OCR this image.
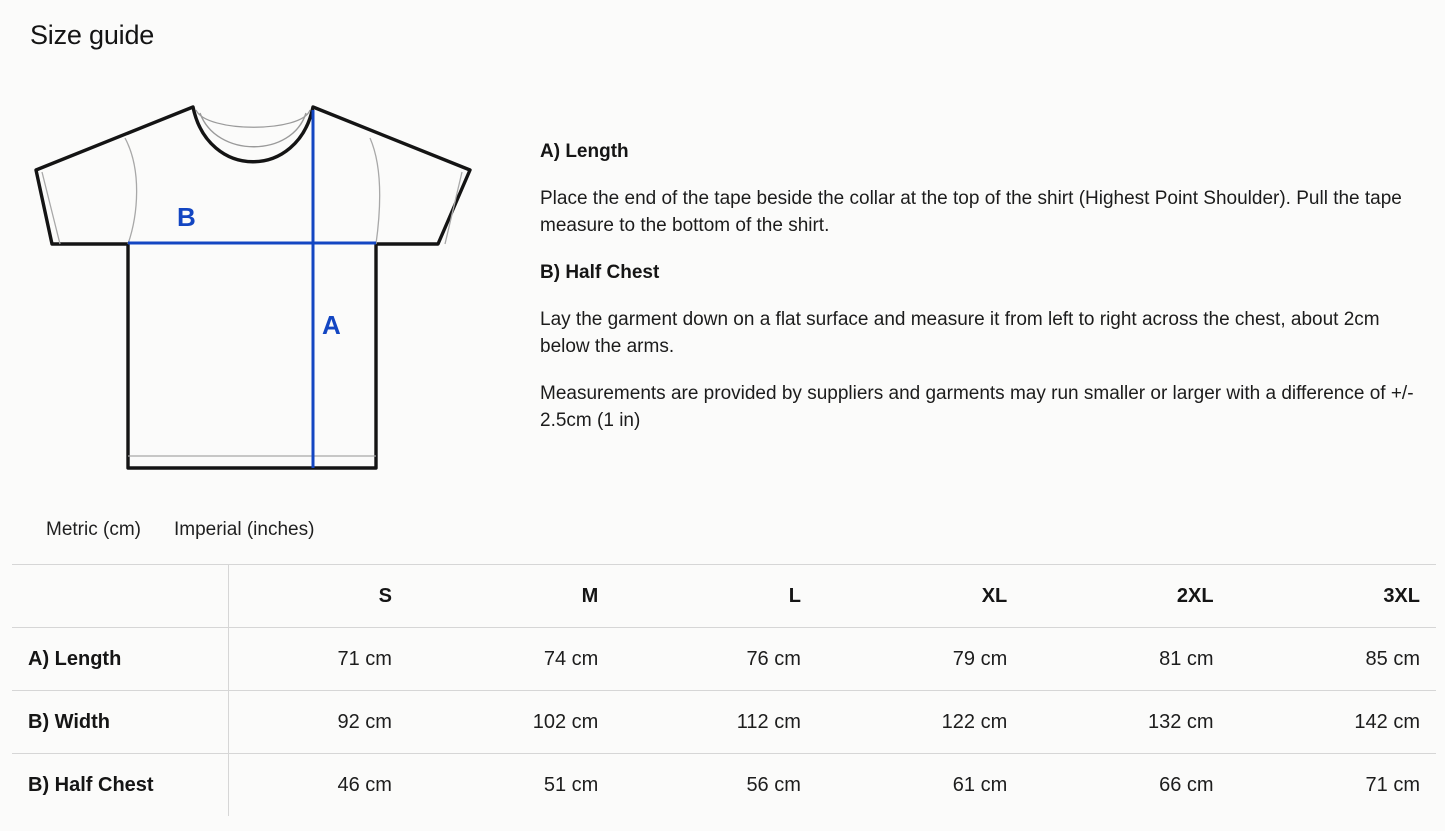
Size guide
B
A

A) Length

Place the end of the tape beside the collar at the top of the shirt (Highest Point Shoulder). Pull the tape measure to the bottom of the shirt.

B) Half Chest

Lay the garment down on a flat surface and measure it from left to right across the chest, about 2cm below the arms.

Measurements are provided by suppliers and garments may run smaller or larger with a difference of +/- 2.5cm (1 in)

Metric (cm) Imperial (inches)
	S	M	L	XL	2XL	3XL
A) Length	71 cm	74 cm	76 cm	79 cm	81 cm	85 cm
B) Width	92 cm	102 cm	112 cm	122 cm	132 cm	142 cm
B) Half Chest	46 cm	51 cm	56 cm	61 cm	66 cm	71 cm
